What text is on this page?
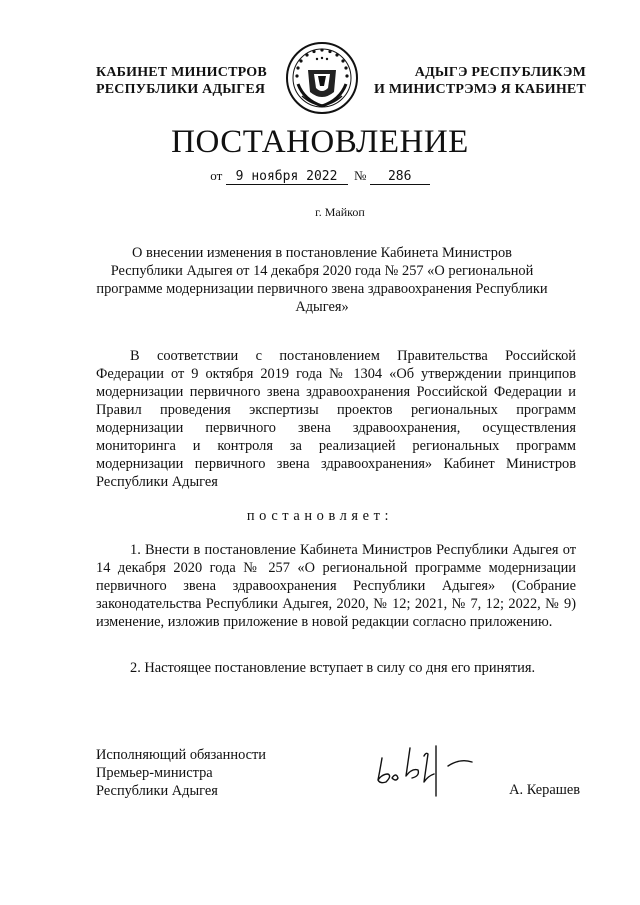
КАБИНЕТ МИНИСТРОВ
РЕСПУБЛИКИ АДЫГЕЯ
АДЫГЭ РЕСПУБЛИКЭМ
И МИНИСТРЭМЭ Я КАБИНЕТ
ПОСТАНОВЛЕНИЕ
от 9 ноября 2022 № 286
г. Майкоп
О внесении изменения в постановление Кабинета Министров Республики Адыгея от 14 декабря 2020 года № 257 «О региональной программе модернизации первичного звена здравоохранения Республики Адыгея»
В соответствии с постановлением Правительства Российской Федерации от 9 октября 2019 года № 1304 «Об утверждении принципов модернизации первичного звена здравоохранения Российской Федерации и Правил проведения экспертизы проектов региональных программ модернизации первичного звена здравоохранения, осуществления мониторинга и контроля за реализацией региональных программ модернизации первичного звена здравоохранения» Кабинет Министров Республики Адыгея
постановляет:
1. Внести в постановление Кабинета Министров Республики Адыгея от 14 декабря 2020 года № 257 «О региональной программе модернизации первичного звена здравоохранения Республики Адыгея» (Собрание законодательства Республики Адыгея, 2020, № 12; 2021, № 7, 12; 2022, № 9) изменение, изложив приложение в новой редакции согласно приложению.
2. Настоящее постановление вступает в силу со дня его принятия.
Исполняющий обязанности
Премьер-министра
Республики Адыгея	А. Керашев
